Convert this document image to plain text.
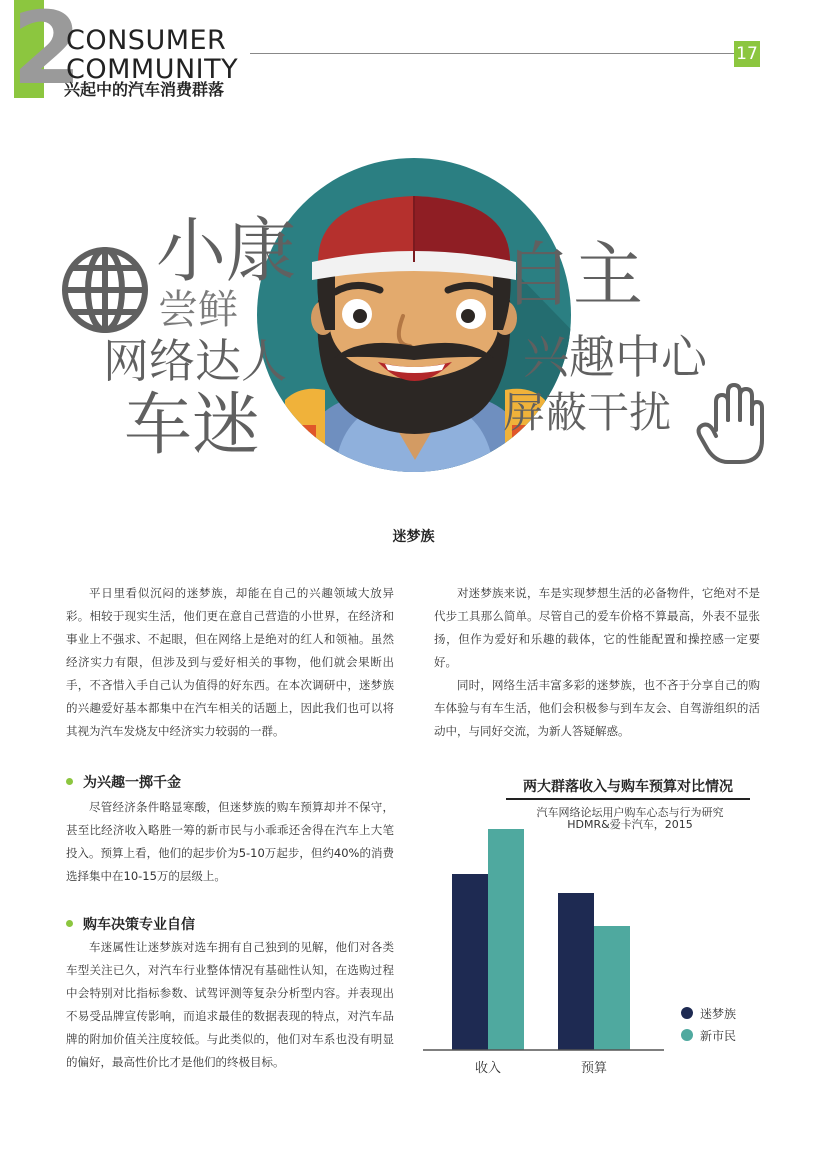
2
CONSUMER
COMMUNITY
兴起中的汽车消费群落
17
小康
尝鲜
网络达人
车迷
自主
兴趣中心
屏蔽干扰
迷梦族

平日里看似沉闷的迷梦族，却能在自己的兴趣领域大放异彩。相较于现实生活，他们更在意自己营造的小世界，在经济和事业上不强求、不起眼，但在网络上是绝对的红人和领袖。虽然经济实力有限，但涉及到与爱好相关的事物，他们就会果断出手，不吝惜入手自己认为值得的好东西。在本次调研中，迷梦族的兴趣爱好基本都集中在汽车相关的话题上，因此我们也可以将其视为汽车发烧友中经济实力较弱的一群。

为兴趣一掷千金

尽管经济条件略显寒酸，但迷梦族的购车预算却并不保守，甚至比经济收入略胜一筹的新市民与小乖乖还舍得在汽车上大笔投入。预算上看，他们的起步价为5-10万起步，但约40%的消费选择集中在10-15万的层级上。

购车决策专业自信

车迷属性让迷梦族对选车拥有自己独到的见解，他们对各类车型关注已久，对汽车行业整体情况有基础性认知，在选购过程中会特别对比指标参数、试驾评测等复杂分析型内容。并表现出不易受品牌宣传影响，而追求最佳的数据表现的特点，对汽车品牌的附加价值关注度较低。与此类似的，他们对车系也没有明显的偏好，最高性价比才是他们的终极目标。

对迷梦族来说，车是实现梦想生活的必备物件，它绝对不是代步工具那么简单。尽管自己的爱车价格不算最高，外表不显张扬，但作为爱好和乐趣的载体，它的性能配置和操控感一定要好。

同时，网络生活丰富多彩的迷梦族，也不吝于分享自己的购车体验与有车生活，他们会积极参与到车友会、自驾游组织的活动中，与同好交流，为新人答疑解惑。

两大群落收入与购车预算对比情况
汽车网络论坛用户购车心态与行为研究
HDMR&爱卡汽车，2015
收入	预算
迷梦族
新市民
